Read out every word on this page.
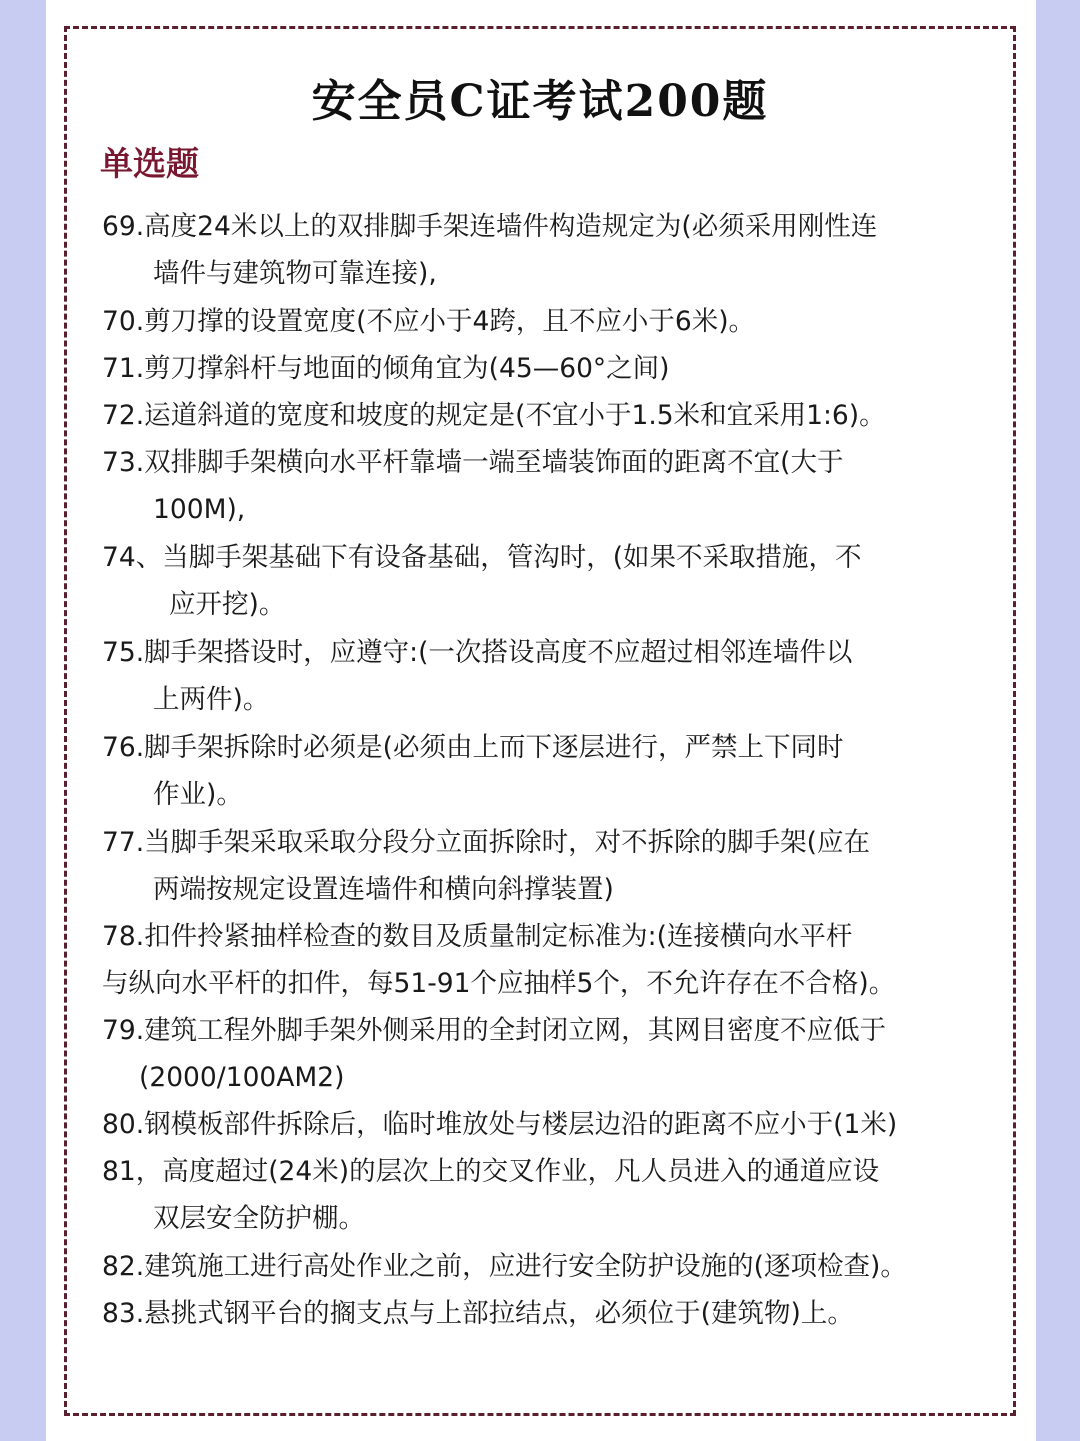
安全员C证考试200题
单选题
69.高度24米以上的双排脚手架连墙件构造规定为(必须采用刚性连
墙件与建筑物可靠连接),
70.剪刀撑的设置宽度(不应小于4跨，且不应小于6米)。
71.剪刀撑斜杆与地面的倾角宜为(45—60°之间)
72.运道斜道的宽度和坡度的规定是(不宜小于1.5米和宜采用1:6)。
73.双排脚手架横向水平杆靠墙一端至墙装饰面的距离不宜(大于
100M),
74、当脚手架基础下有设备基础，管沟时，(如果不采取措施，不
应开挖)。
75.脚手架搭设时，应遵守:(一次搭设高度不应超过相邻连墙件以
上两件)。
76.脚手架拆除时必须是(必须由上而下逐层进行，严禁上下同时
作业)。
77.当脚手架采取采取分段分立面拆除时，对不拆除的脚手架(应在
两端按规定设置连墙件和横向斜撑装置)
78.扣件拎紧抽样检查的数目及质量制定标准为:(连接横向水平杆
与纵向水平杆的扣件，每51-91个应抽样5个，不允许存在不合格)。
79.建筑工程外脚手架外侧采用的全封闭立网，其网目密度不应低于
(2000/100AM2)
80.钢模板部件拆除后，临时堆放处与楼层边沿的距离不应小于(1米)
81，高度超过(24米)的层次上的交叉作业，凡人员进入的通道应设
双层安全防护棚。
82.建筑施工进行高处作业之前，应进行安全防护设施的(逐项检查)。
83.悬挑式钢平台的搁支点与上部拉结点，必须位于(建筑物)上。
